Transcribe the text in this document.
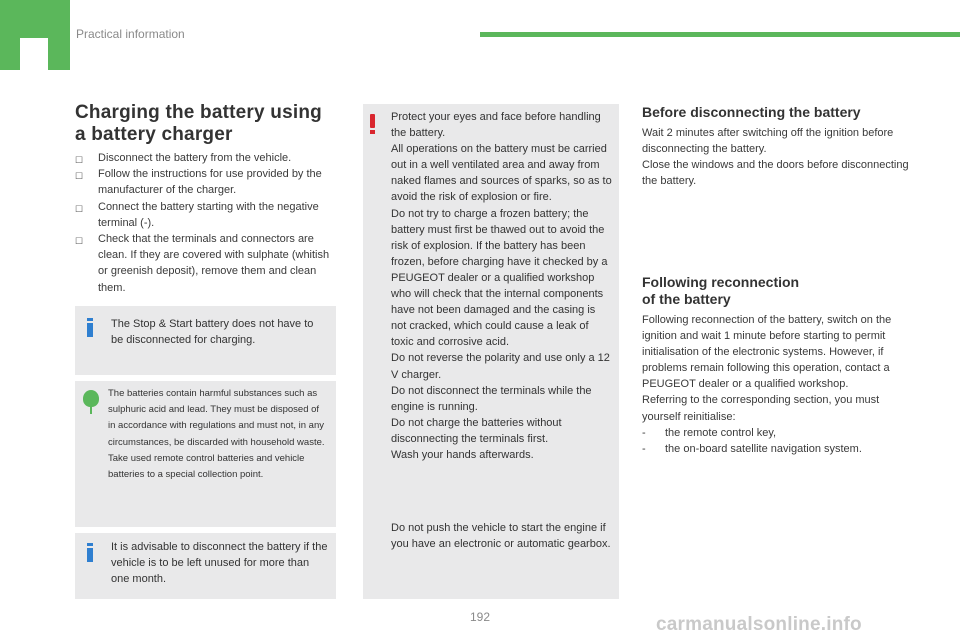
Practical information
Charging the battery using
a battery charger
☐ Disconnect the battery from the vehicle.
☐ Follow the instructions for use provided by the manufacturer of the charger.
☐ Connect the battery starting with the negative terminal (-).
☐ Check that the terminals and connectors are clean. If they are covered with sulphate (whitish or greenish deposit), remove them and clean them.
The Stop & Start battery does not have to be disconnected for charging.
The batteries contain harmful substances such as sulphuric acid and lead. They must be disposed of in accordance with regulations and must not, in any circumstances, be discarded with household waste.
Take used remote control batteries and vehicle batteries to a special collection point.
It is advisable to disconnect the battery if the vehicle is to be left unused for more than one month.
Protect your eyes and face before handling the battery.
All operations on the battery must be carried out in a well ventilated area and away from naked flames and sources of sparks, so as to avoid the risk of explosion or fire.
Do not try to charge a frozen battery; the battery must first be thawed out to avoid the risk of explosion. If the battery has been frozen, before charging have it checked by a PEUGEOT dealer or a qualified workshop who will check that the internal components have not been damaged and the casing is not cracked, which could cause a leak of toxic and corrosive acid.
Do not reverse the polarity and use only a 12 V charger.
Do not disconnect the terminals while the engine is running.
Do not charge the batteries without disconnecting the terminals first.
Wash your hands afterwards.
Do not push the vehicle to start the engine if you have an electronic or automatic gearbox.
Before disconnecting the battery
Wait 2 minutes after switching off the ignition before disconnecting the battery.
Close the windows and the doors before disconnecting the battery.
Following reconnection
of the battery
Following reconnection of the battery, switch on the ignition and wait 1 minute before starting to permit initialisation of the electronic systems. However, if problems remain following this operation, contact a PEUGEOT dealer or a qualified workshop.
Referring to the corresponding section, you must yourself reinitialise:
- the remote control key,
- the on-board satellite navigation system.
192	carmanualsonline.info
